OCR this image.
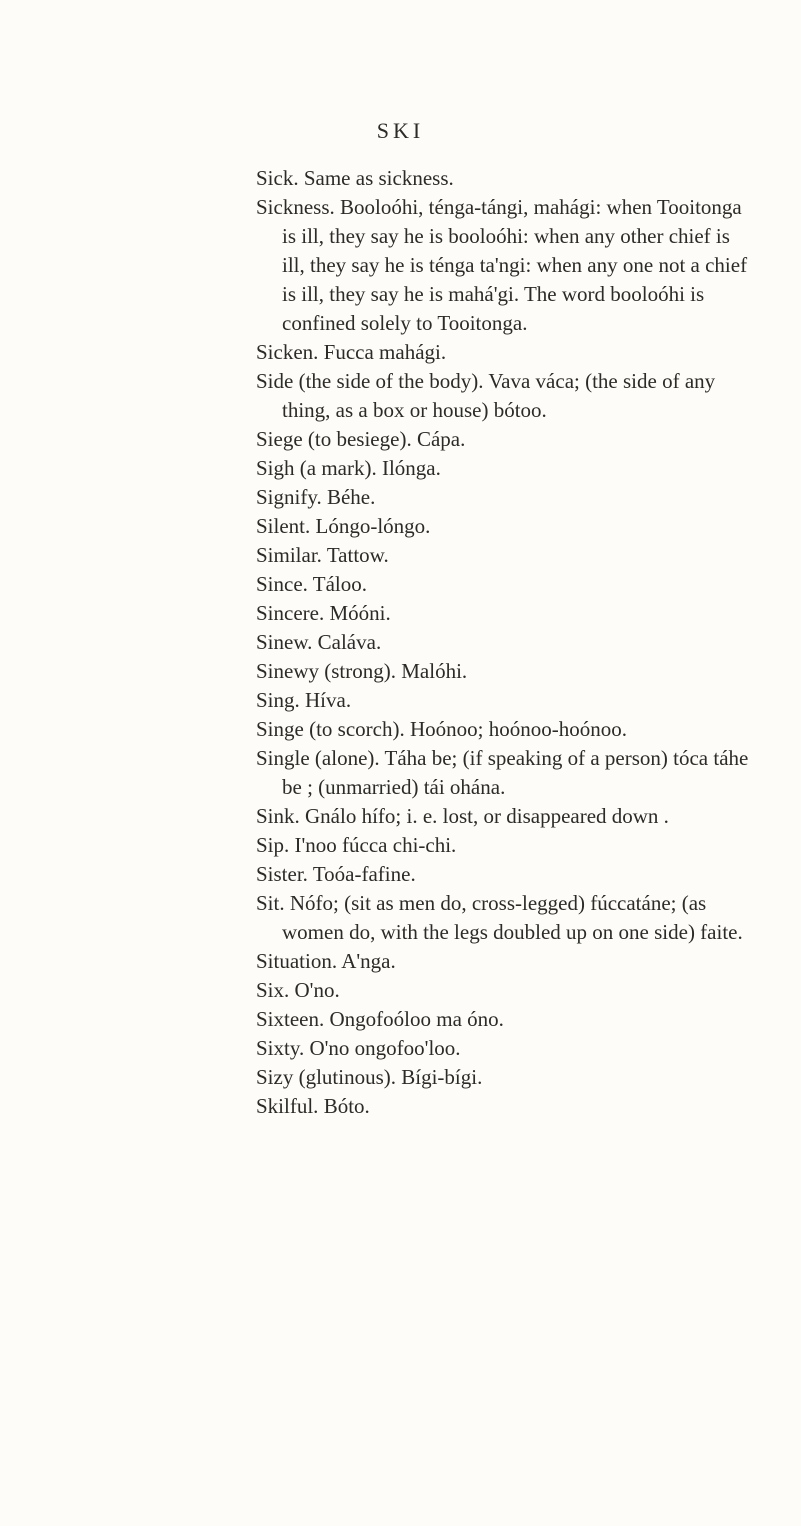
SKI

Sick. Same as sickness.

Sickness. Booloóhi, ténga-tángi, mahági: when Tooitonga is ill, they say he is booloóhi: when any other chief is ill, they say he is ténga ta'ngi: when any one not a chief is ill, they say he is mahá'gi. The word booloóhi is confined solely to Tooitonga.

Sicken. Fucca mahági.

Side (the side of the body). Vava váca; (the side of any thing, as a box or house) bótoo.

Siege (to besiege). Cápa.

Sigh (a mark). Ilónga.

Signify. Béhe.

Silent. Lóngo-lóngo.

Similar. Tattow.

Since. Táloo.

Sincere. Móóni.

Sinew. Caláva.

Sinewy (strong). Malóhi.

Sing. Híva.

Singe (to scorch). Hoónoo; hoónoo-hoónoo.

Single (alone). Táha be; (if speaking of a person) tóca táhe be ; (unmarried) tái ohána.

Sink. Gnálo hífo; i. e. lost, or disappeared down .

Sip. I'noo fúcca chi-chi.

Sister. Toóa-fafine.

Sit. Nófo; (sit as men do, cross-legged) fúccatáne; (as women do, with the legs doubled up on one side) faite.

Situation. A'nga.

Six. O'no.

Sixteen. Ongofoóloo ma óno.

Sixty. O'no ongofoo'loo.

Sizy (glutinous). Bígi-bígi.

Skilful. Bóto.
